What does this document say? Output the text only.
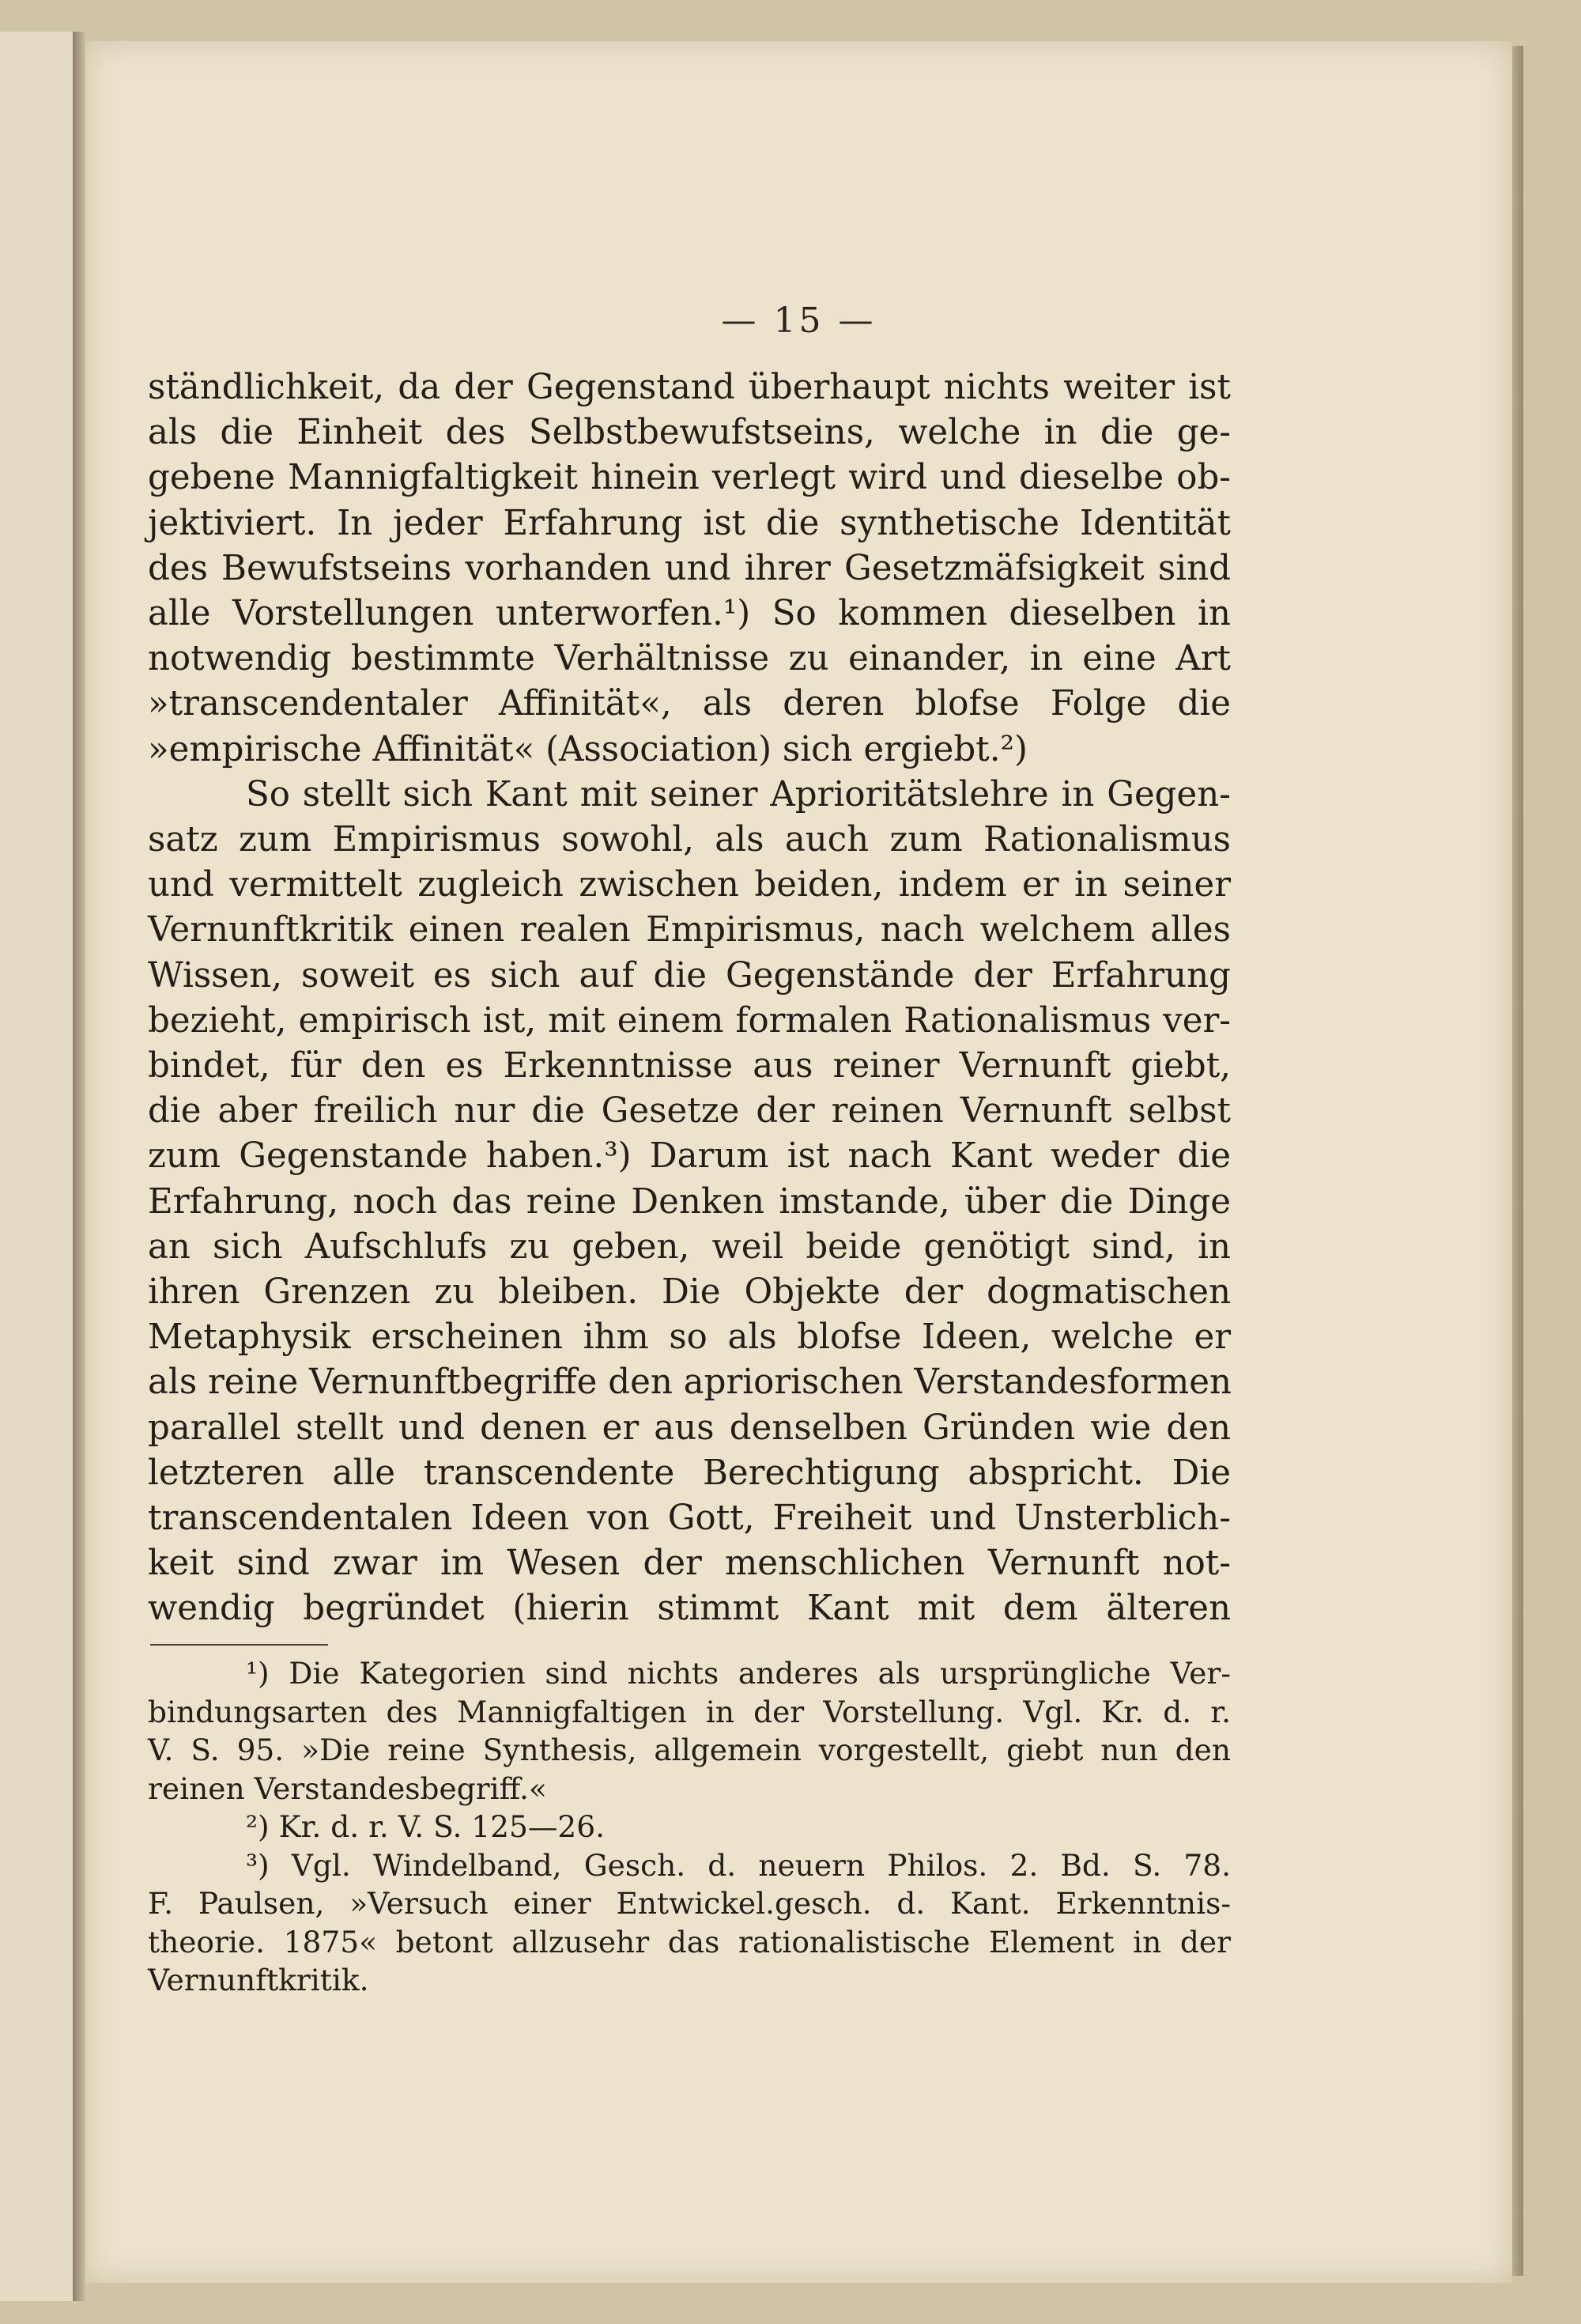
— 15 —
ständlichkeit, da der Gegenstand überhaupt nichts weiter ist
als die Einheit des Selbstbewufstseins, welche in die ge-
gebene Mannigfaltigkeit hinein verlegt wird und dieselbe ob-
jektiviert. In jeder Erfahrung ist die synthetische Identität
des Bewufstseins vorhanden und ihrer Gesetzmäfsigkeit sind
alle Vorstellungen unterworfen.¹) So kommen dieselben in
notwendig bestimmte Verhältnisse zu einander, in eine Art
»transcendentaler Affinität«, als deren blofse Folge die
»empirische Affinität« (Association) sich ergiebt.²)
So stellt sich Kant mit seiner Aprioritätslehre in Gegen-
satz zum Empirismus sowohl, als auch zum Rationalismus
und vermittelt zugleich zwischen beiden, indem er in seiner
Vernunftkritik einen realen Empirismus, nach welchem alles
Wissen, soweit es sich auf die Gegenstände der Erfahrung
bezieht, empirisch ist, mit einem formalen Rationalismus ver-
bindet, für den es Erkenntnisse aus reiner Vernunft giebt,
die aber freilich nur die Gesetze der reinen Vernunft selbst
zum Gegenstande haben.³) Darum ist nach Kant weder die
Erfahrung, noch das reine Denken imstande, über die Dinge
an sich Aufschlufs zu geben, weil beide genötigt sind, in
ihren Grenzen zu bleiben. Die Objekte der dogmatischen
Metaphysik erscheinen ihm so als blofse Ideen, welche er
als reine Vernunftbegriffe den apriorischen Verstandesformen
parallel stellt und denen er aus denselben Gründen wie den
letzteren alle transcendente Berechtigung abspricht. Die
transcendentalen Ideen von Gott, Freiheit und Unsterblich-
keit sind zwar im Wesen der menschlichen Vernunft not-
wendig begründet (hierin stimmt Kant mit dem älteren
¹) Die Kategorien sind nichts anderes als ursprüngliche Ver-
bindungsarten des Mannigfaltigen in der Vorstellung. Vgl. Kr. d. r.
V. S. 95. »Die reine Synthesis, allgemein vorgestellt, giebt nun den
reinen Verstandesbegriff.«
²) Kr. d. r. V. S. 125—26.
³) Vgl. Windelband, Gesch. d. neuern Philos. 2. Bd. S. 78.
F. Paulsen, »Versuch einer Entwickel.gesch. d. Kant. Erkenntnis-
theorie. 1875« betont allzusehr das rationalistische Element in der
Vernunftkritik.
